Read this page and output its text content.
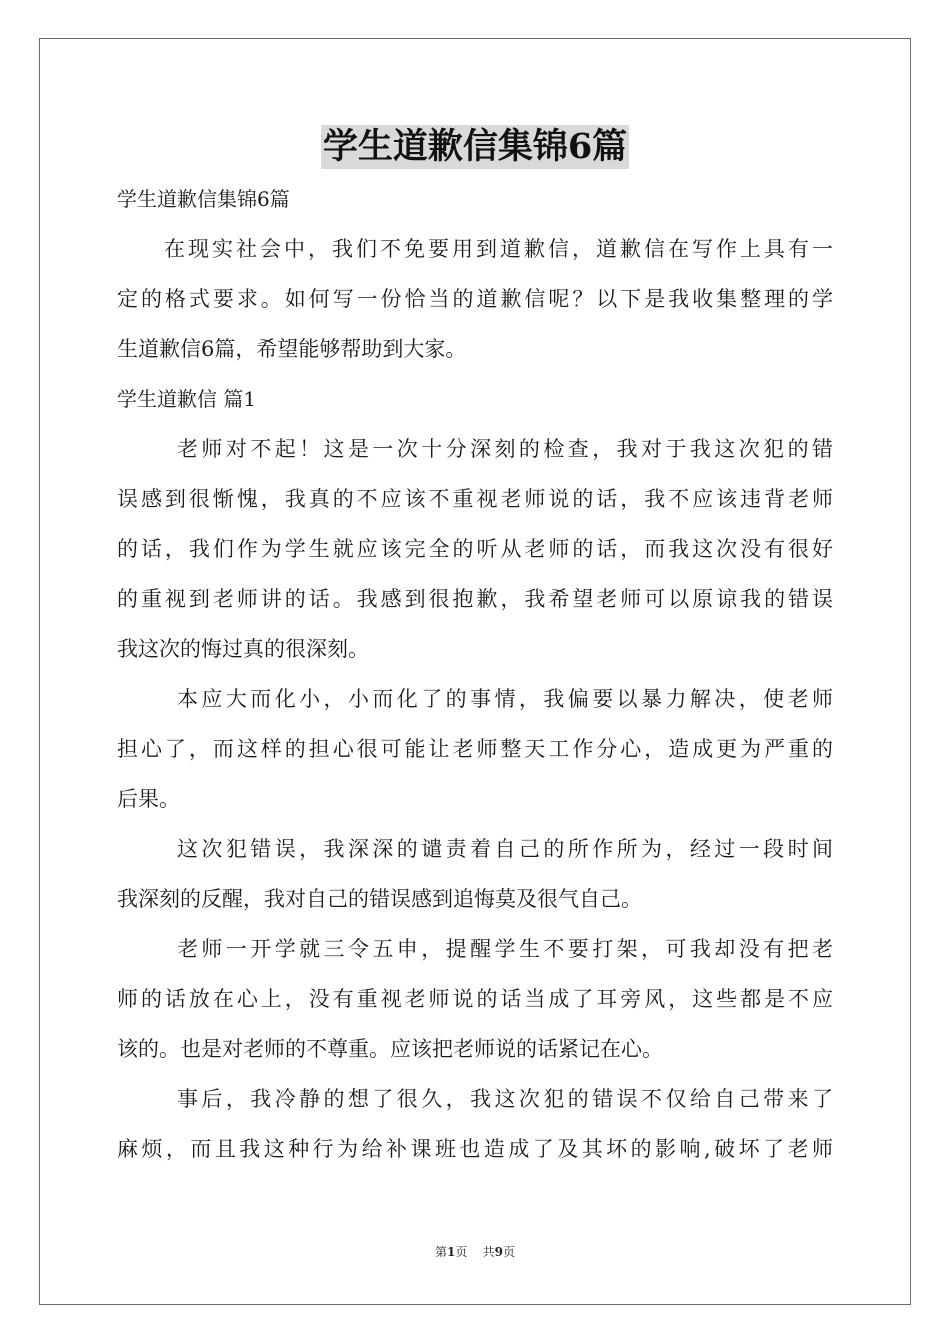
学生道歉信集锦6篇
学生道歉信集锦6篇
在现实社会中，我们不免要用到道歉信，道歉信在写作上具有一
定的格式要求。如何写一份恰当的道歉信呢？以下是我收集整理的学
生道歉信6篇，希望能够帮助到大家。
学生道歉信 篇1
老师对不起！这是一次十分深刻的检查，我对于我这次犯的错
误感到很惭愧，我真的不应该不重视老师说的话，我不应该违背老师
的话，我们作为学生就应该完全的听从老师的话，而我这次没有很好
的重视到老师讲的话。我感到很抱歉，我希望老师可以原谅我的错误
我这次的悔过真的很深刻。
本应大而化小，小而化了的事情，我偏要以暴力解决，使老师
担心了，而这样的担心很可能让老师整天工作分心，造成更为严重的
后果。
这次犯错误，我深深的谴责着自己的所作所为，经过一段时间
我深刻的反醒，我对自己的错误感到追悔莫及很气自己。
老师一开学就三令五申，提醒学生不要打架，可我却没有把老
师的话放在心上，没有重视老师说的话当成了耳旁风，这些都是不应
该的。也是对老师的不尊重。应该把老师说的话紧记在心。
事后，我冷静的想了很久，我这次犯的错误不仅给自己带来了
麻烦，而且我这种行为给补课班也造成了及其坏的影响,破坏了老师
第1页 共9页
